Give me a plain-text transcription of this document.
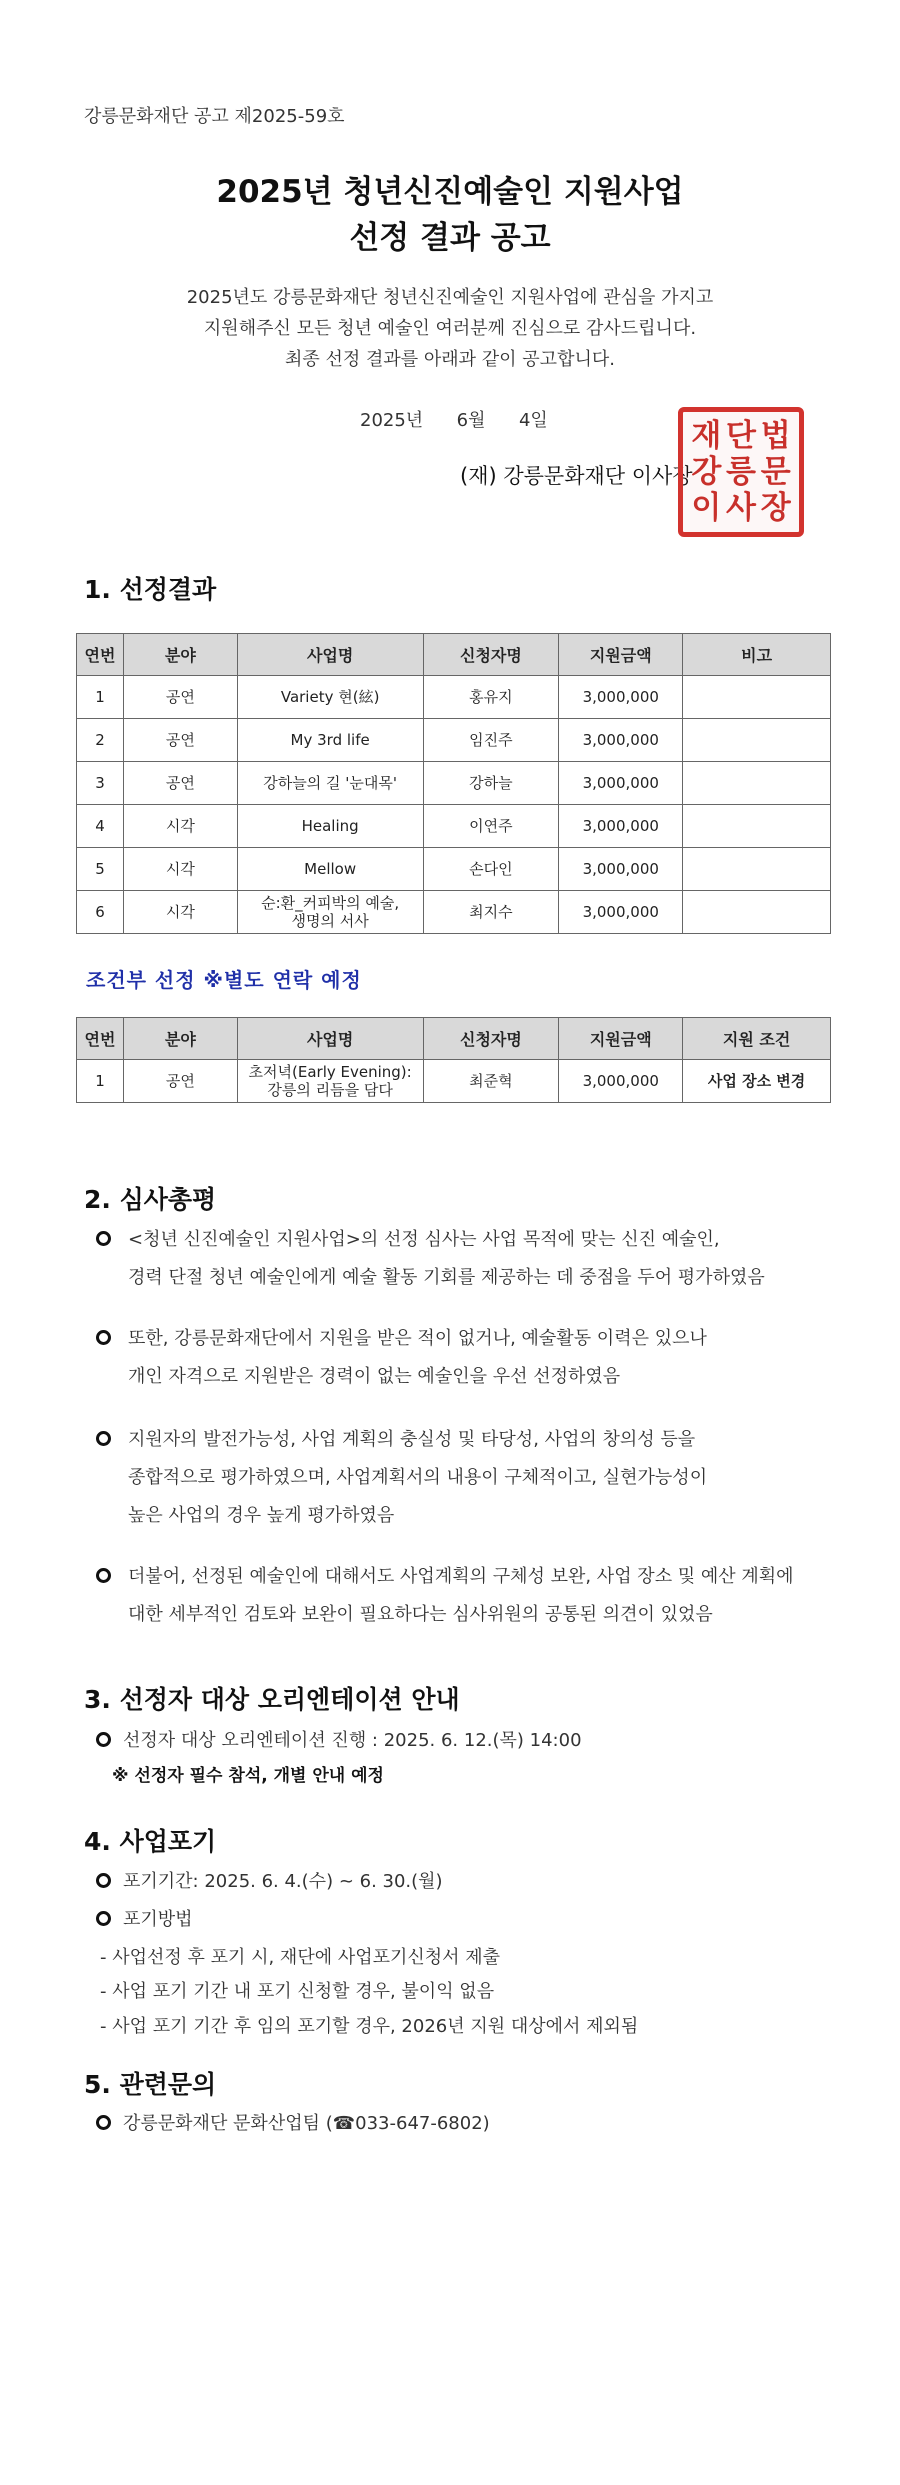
강릉문화재단 공고 제2025-59호
2025년 청년신진예술인 지원사업
선정 결과 공고
2025년도 강릉문화재단 청년신진예술인 지원사업에 관심을 가지고
지원해주신 모든 청년 예술인 여러분께 진심으로 감사드립니다.
최종 선정 결과를 아래과 같이 공고합니다.
2025년 6월 4일
(재) 강릉문화재단 이사장
재 단 법
강 릉 문
이 사 장
1. 선정결과
연번	분야	사업명	신청자명	지원금액	비고
1	공연	Variety 현(絃)	홍유지	3,000,000	
2	공연	My 3rd life	임진주	3,000,000	
3	공연	강하늘의 길 '눈대목'	강하늘	3,000,000	
4	시각	Healing	이연주	3,000,000	
5	시각	Mellow	손다인	3,000,000	
6	시각	순:환_커피박의 예술,
생명의 서사	최지수	3,000,000	
조건부 선정 ※별도 연락 예정
연번	분야	사업명	신청자명	지원금액	지원 조건
1	공연	초저녁(Early Evening):
강릉의 리듬을 담다	최준혁	3,000,000	사업 장소 변경
2. 심사총평
<청년 신진예술인 지원사업>의 선정 심사는 사업 목적에 맞는 신진 예술인,
경력 단절 청년 예술인에게 예술 활동 기회를 제공하는 데 중점을 두어 평가하였음
또한, 강릉문화재단에서 지원을 받은 적이 없거나, 예술활동 이력은 있으나
개인 자격으로 지원받은 경력이 없는 예술인을 우선 선정하였음
지원자의 발전가능성, 사업 계획의 충실성 및 타당성, 사업의 창의성 등을
종합적으로 평가하였으며, 사업계획서의 내용이 구체적이고, 실현가능성이
높은 사업의 경우 높게 평가하였음
더불어, 선정된 예술인에 대해서도 사업계획의 구체성 보완, 사업 장소 및 예산 계획에
대한 세부적인 검토와 보완이 필요하다는 심사위원의 공통된 의견이 있었음
3. 선정자 대상 오리엔테이션 안내
선정자 대상 오리엔테이션 진행 : 2025. 6. 12.(목) 14:00
※ 선정자 필수 참석, 개별 안내 예정
4. 사업포기
포기기간: 2025. 6. 4.(수) ~ 6. 30.(월)
포기방법
- 사업선정 후 포기 시, 재단에 사업포기신청서 제출
- 사업 포기 기간 내 포기 신청할 경우, 불이익 없음
- 사업 포기 기간 후 임의 포기할 경우, 2026년 지원 대상에서 제외됨
5. 관련문의
강릉문화재단 문화산업팀 (☎033-647-6802)
